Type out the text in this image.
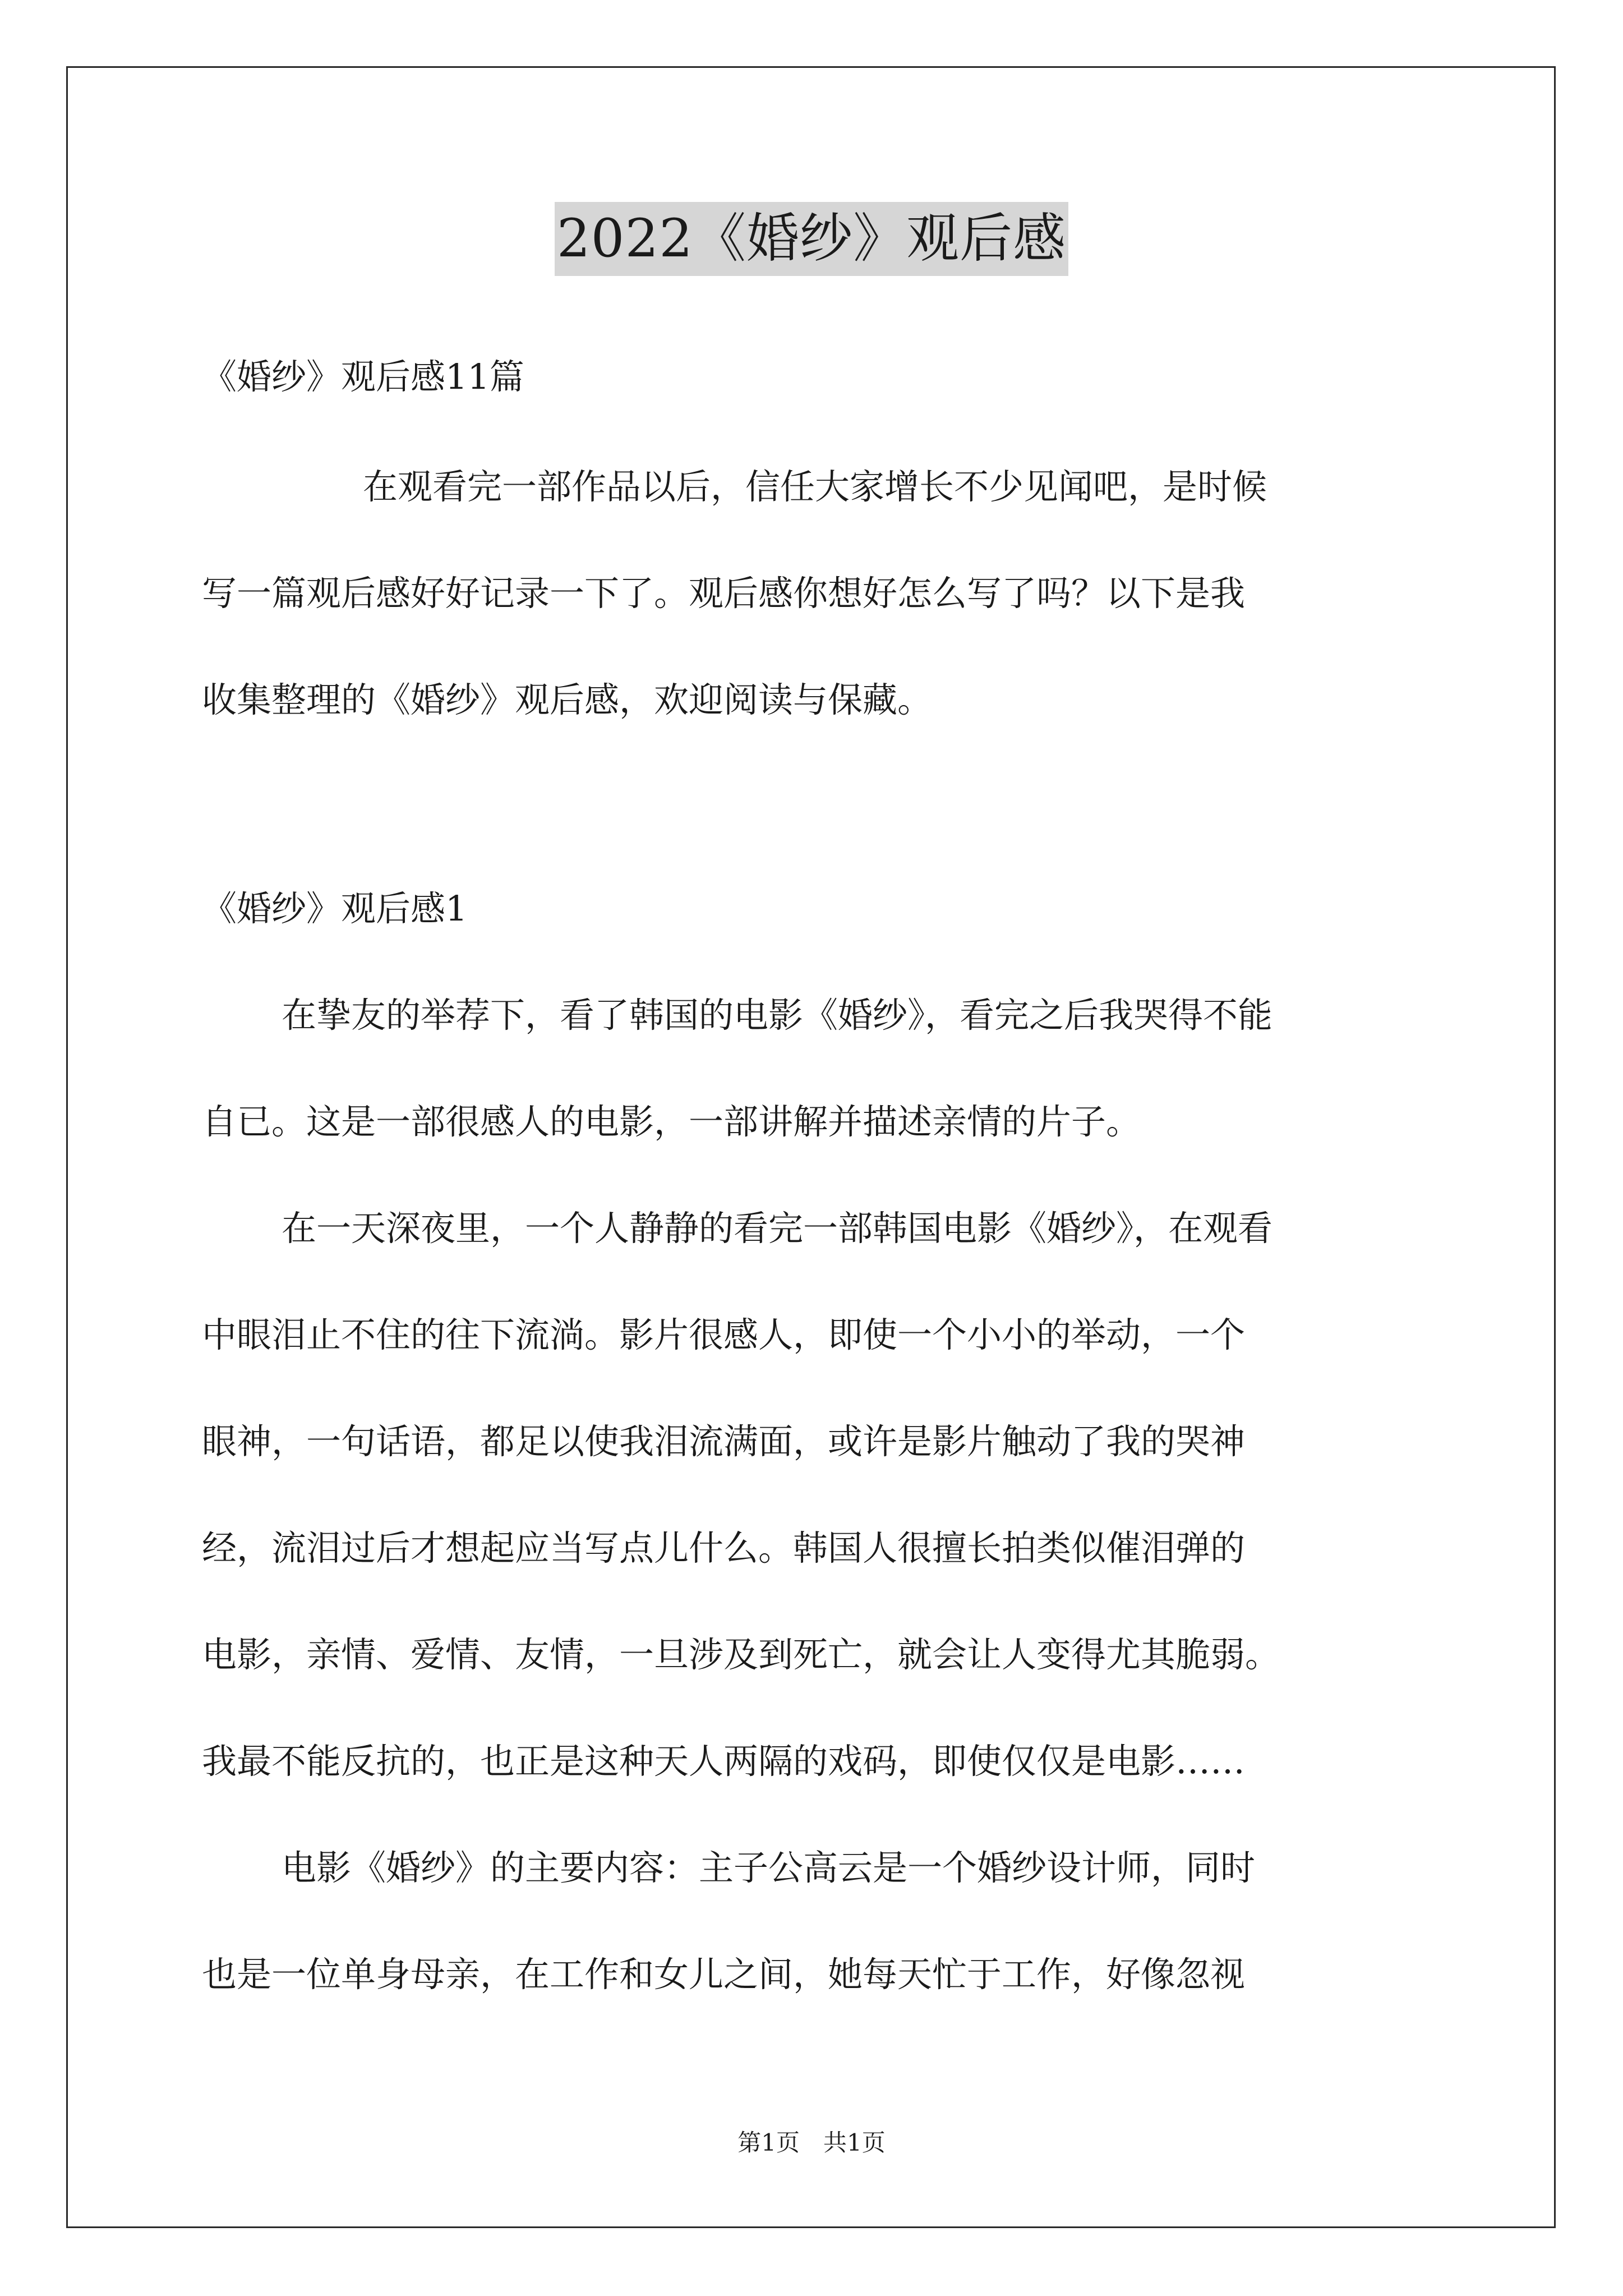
2022《婚纱》观后感
《婚纱》观后感11篇
在观看完一部作品以后，信任大家增长不少见闻吧，是时候
写一篇观后感好好记录一下了。观后感你想好怎么写了吗？以下是我
收集整理的《婚纱》观后感，欢迎阅读与保藏。
《婚纱》观后感1
在挚友的举荐下，看了韩国的电影《婚纱》，看完之后我哭得不能
自已。这是一部很感人的电影，一部讲解并描述亲情的片子。
在一天深夜里，一个人静静的看完一部韩国电影《婚纱》，在观看
中眼泪止不住的往下流淌。影片很感人，即使一个小小的举动，一个
眼神，一句话语，都足以使我泪流满面，或许是影片触动了我的哭神
经，流泪过后才想起应当写点儿什么。韩国人很擅长拍类似催泪弹的
电影，亲情、爱情、友情，一旦涉及到死亡，就会让人变得尤其脆弱。
我最不能反抗的，也正是这种天人两隔的戏码，即使仅仅是电影……
电影《婚纱》的主要内容：主子公高云是一个婚纱设计师，同时
也是一位单身母亲，在工作和女儿之间，她每天忙于工作，好像忽视
第1页　共1页
